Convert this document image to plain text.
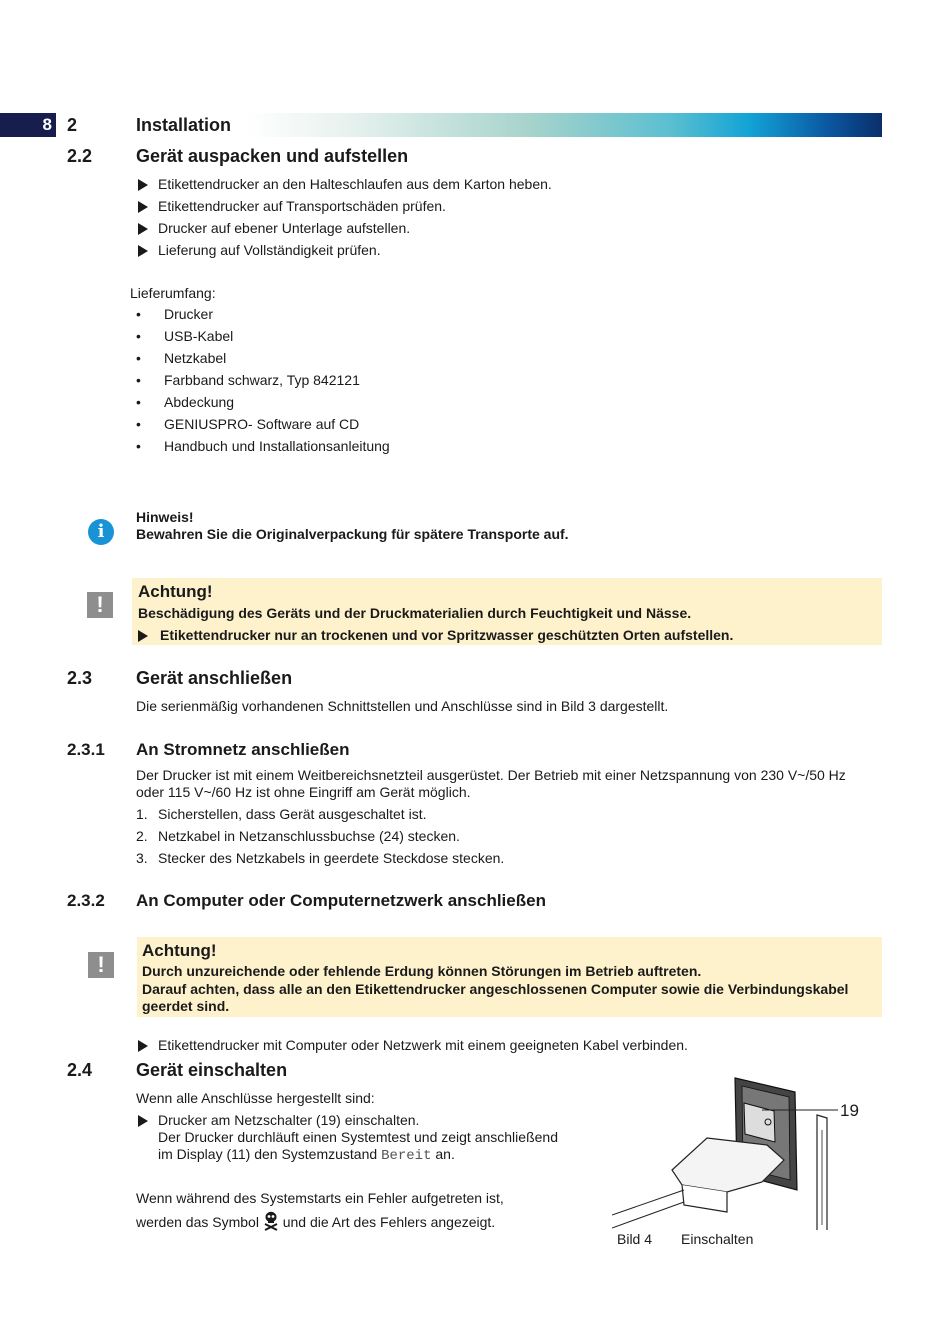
8 2	Installation
2.2 Gerät auspacken und aufstellen
Etikettendrucker an den Halteschlaufen aus dem Karton heben.
Etikettendrucker auf Transportschäden prüfen.
Drucker auf ebener Unterlage aufstellen.
Lieferung auf Vollständigkeit prüfen.
Lieferumfang:
• Drucker
• USB-Kabel
• Netzkabel
• Farbband schwarz, Typ 842121
• Abdeckung
• GENIUSPRO- Software auf CD
• Handbuch und Installationsanleitung
i
Hinweis!
Bewahren Sie die Originalverpackung für spätere Transporte auf.
!
Achtung!
Beschädigung des Geräts und der Druckmaterialien durch Feuchtigkeit und Nässe.
Etikettendrucker nur an trockenen und vor Spritzwasser geschützten Orten aufstellen.
2.3 Gerät anschließen
Die serienmäßig vorhandenen Schnittstellen und Anschlüsse sind in Bild 3 dargestellt.
2.3.1 An Stromnetz anschließen
Der Drucker ist mit einem Weitbereichsnetzteil ausgerüstet. Der Betrieb mit einer Netzspannung von 230 V~/50 Hz
oder 115 V~/60 Hz ist ohne Eingriff am Gerät möglich.
1. Sicherstellen, dass Gerät ausgeschaltet ist.
2. Netzkabel in Netzanschlussbuchse (24) stecken.
3. Stecker des Netzkabels in geerdete Steckdose stecken.
2.3.2 An Computer oder Computernetzwerk anschließen
!
Achtung!
Durch unzureichende oder fehlende Erdung können Störungen im Betrieb auftreten.
Darauf achten, dass alle an den Etikettendrucker angeschlossenen Computer sowie die Verbindungskabel
geerdet sind.
Etikettendrucker mit Computer oder Netzwerk mit einem geeigneten Kabel verbinden.
2.4 Gerät einschalten
Wenn alle Anschlüsse hergestellt sind:
Drucker am Netzschalter (19) einschalten.
Der Drucker durchläuft einen Systemtest und zeigt anschließend
im Display (11) den Systemzustand Bereit an.
Wenn während des Systemstarts ein Fehler aufgetreten ist,
werden das Symbol  und die Art des Fehlers angezeigt.
19
Bild 4 Einschalten
